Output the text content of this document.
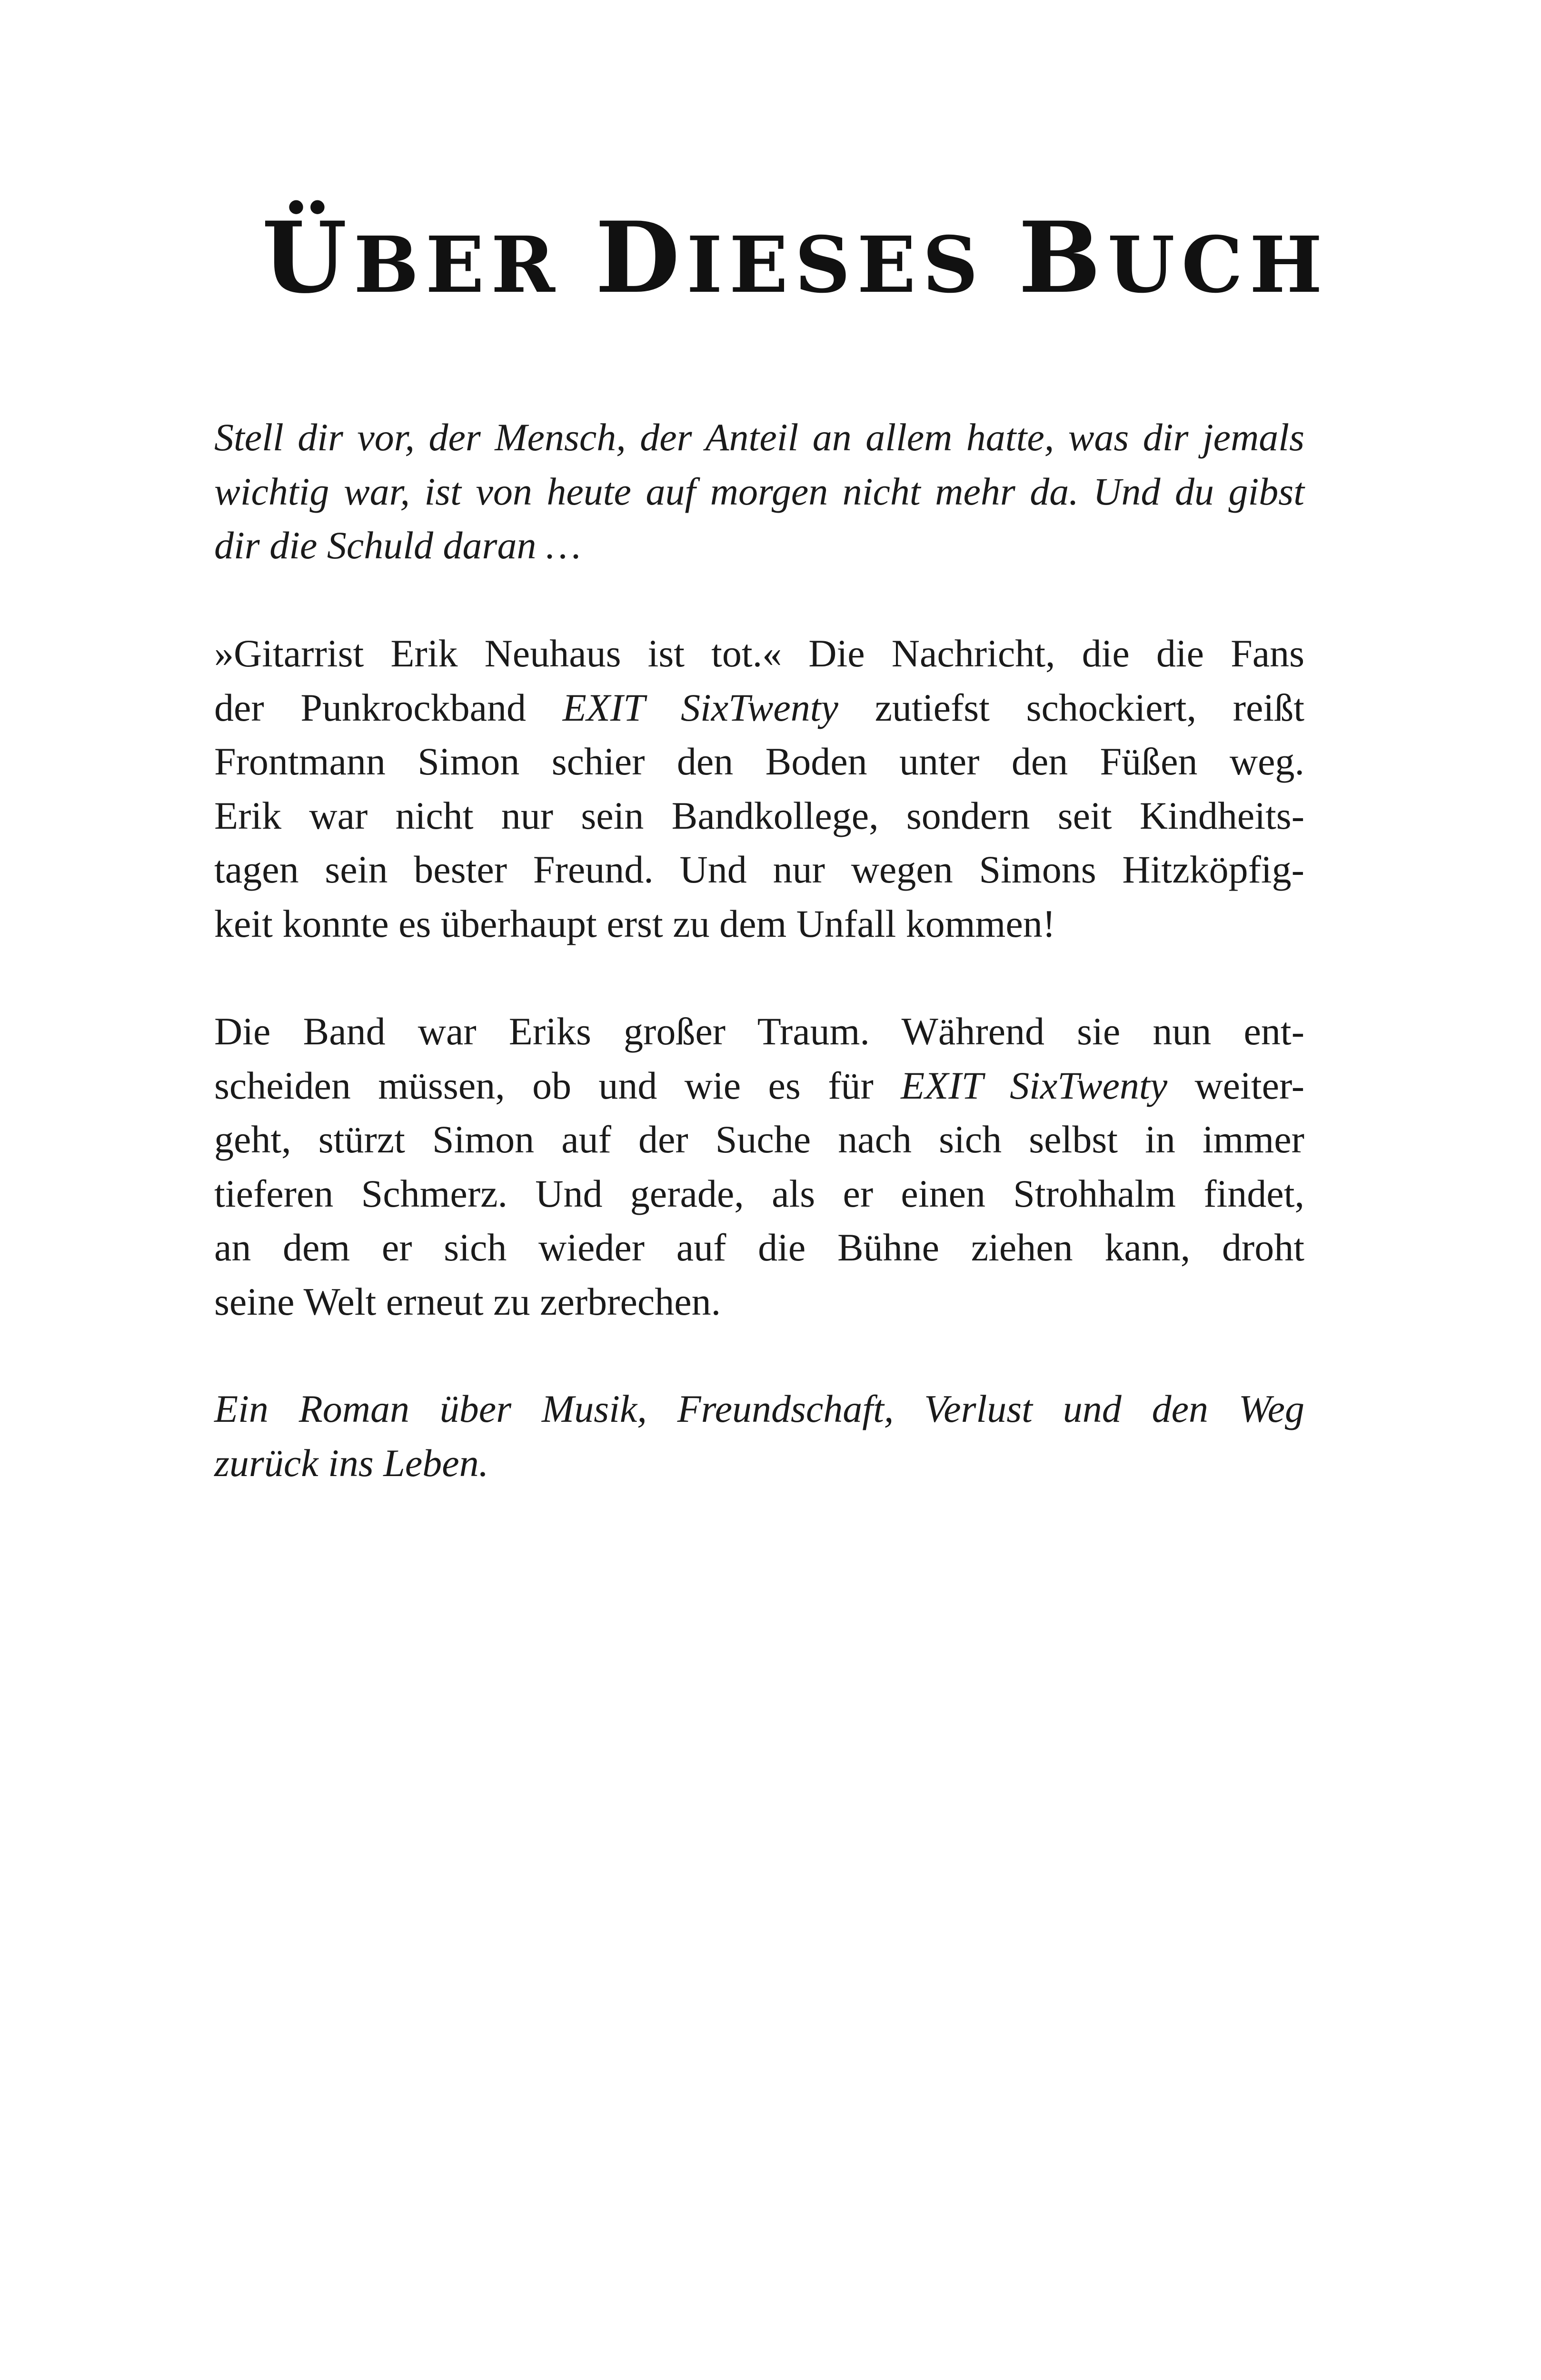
ÜBER DIESES BUCH

Stell dir vor, der Mensch, der Anteil an allem hatte, was dir jemals
wichtig war, ist von heute auf morgen nicht mehr da. Und du gibst
dir die Schuld daran …

»Gitarrist Erik Neuhaus ist tot.« Die Nachricht, die die Fans
der Punkrockband EXIT SixTwenty zutiefst schockiert, reißt
Frontmann Simon schier den Boden unter den Füßen weg.
Erik war nicht nur sein Bandkollege, sondern seit Kindheits-
tagen sein bester Freund. Und nur wegen Simons Hitzköpfig-
keit konnte es überhaupt erst zu dem Unfall kommen!

Die Band war Eriks großer Traum. Während sie nun ent-
scheiden müssen, ob und wie es für EXIT SixTwenty weiter-
geht, stürzt Simon auf der Suche nach sich selbst in immer
tieferen Schmerz. Und gerade, als er einen Strohhalm findet,
an dem er sich wieder auf die Bühne ziehen kann, droht
seine Welt erneut zu zerbrechen.

Ein Roman über Musik, Freundschaft, Verlust und den Weg
zurück ins Leben.
